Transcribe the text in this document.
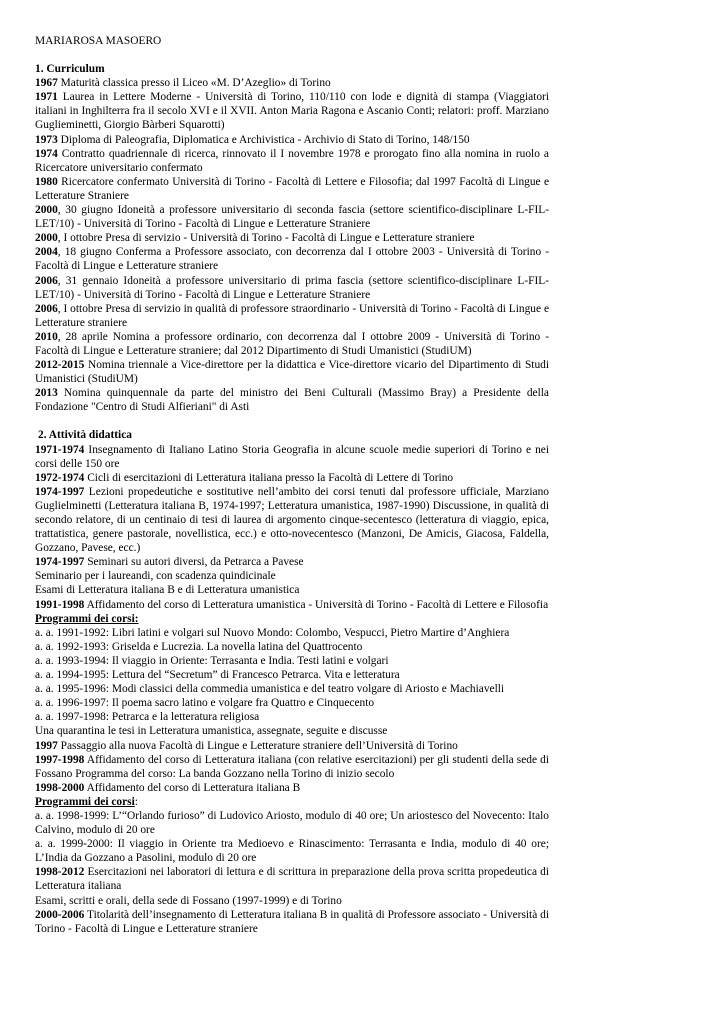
MARIAROSA MASOERO

1. Curriculum

1967 Maturità classica presso il Liceo «M. D’Azeglio» di Torino

1971 Laurea in Lettere Moderne - Università di Torino, 110/110 con lode e dignità di stampa (Viaggiatori italiani in Inghilterra fra il secolo XVI e il XVII. Anton Maria Ragona e Ascanio Conti; relatori: proff. Marziano Guglieminetti, Giorgio Bàrberi Squarotti)

1973 Diploma di Paleografia, Diplomatica e Archivistica - Archivio di Stato di Torino, 148/150

1974 Contratto quadriennale di ricerca, rinnovato il I novembre 1978 e prorogato fino alla nomina in ruolo a Ricercatore universitario confermato

1980 Ricercatore confermato Università di Torino - Facoltà di Lettere e Filosofia; dal 1997 Facoltà di Lingue e Letterature Straniere

2000, 30 giugno Idoneità a professore universitario di seconda fascia (settore scientifico-disciplinare L-FIL-LET/10) - Università di Torino - Facoltà di Lingue e Letterature Straniere

2000, I ottobre Presa di servizio - Università di Torino - Facoltà di Lingue e Letterature straniere

2004, 18 giugno Conferma a Professore associato, con decorrenza dal I ottobre 2003 - Università di Torino - Facoltà di Lingue e Letterature straniere

2006, 31 gennaio Idoneità a professore universitario di prima fascia (settore scientifico-disciplinare L-FIL-LET/10) - Università di Torino - Facoltà di Lingue e Letterature Straniere

2006, I ottobre Presa di servizio in qualità di professore straordinario - Università di Torino - Facoltà di Lingue e Letterature straniere

2010, 28 aprile Nomina a professore ordinario, con decorrenza dal I ottobre 2009 - Università di Torino - Facoltà di Lingue e Letterature straniere; dal 2012 Dipartimento di Studi Umanistici (StudiUM)

2012-2015 Nomina triennale a Vice-direttore per la didattica e Vice-direttore vicario del Dipartimento di Studi Umanistici (StudiUM)

2013 Nomina quinquennale da parte del ministro dei Beni Culturali (Massimo Bray) a Presidente della Fondazione "Centro di Studi Alfieriani" di Asti

2. Attività didattica

1971-1974 Insegnamento di Italiano Latino Storia Geografia in alcune scuole medie superiori di Torino e nei corsi delle 150 ore

1972-1974 Cicli di esercitazioni di Letteratura italiana presso la Facoltà di Lettere di Torino

1974-1997 Lezioni propedeutiche e sostitutive nell’ambito dei corsi tenuti dal professore ufficiale, Marziano Guglielminetti (Letteratura italiana B, 1974-1997; Letteratura umanistica, 1987-1990) Discussione, in qualità di secondo relatore, di un centinaio di tesi di laurea di argomento cinque-secentesco (letteratura di viaggio, epica, trattatistica, genere pastorale, novellistica, ecc.) e otto-novecentesco (Manzoni, De Amicis, Giacosa, Faldella, Gozzano, Pavese, ecc.)

1974-1997 Seminari su autori diversi, da Petrarca a Pavese

Seminario per i laureandi, con scadenza quindicinale

Esami di Letteratura italiana B e di Letteratura umanistica

1991-1998 Affidamento del corso di Letteratura umanistica - Università di Torino - Facoltà di Lettere e Filosofia

Programmi dei corsi:

a. a. 1991-1992: Libri latini e volgari sul Nuovo Mondo: Colombo, Vespucci, Pietro Martire d’Anghiera

a. a. 1992-1993: Griselda e Lucrezia. La novella latina del Quattrocento

a. a. 1993-1994: Il viaggio in Oriente: Terrasanta e India. Testi latini e volgari

a. a. 1994-1995: Lettura del “Secretum” di Francesco Petrarca. Vita e letteratura

a. a. 1995-1996: Modi classici della commedia umanistica e del teatro volgare di Ariosto e Machiavelli

a. a. 1996-1997: Il poema sacro latino e volgare fra Quattro e Cinquecento

a. a. 1997-1998: Petrarca e la letteratura religiosa

Una quarantina le tesi in Letteratura umanistica, assegnate, seguite e discusse

1997 Passaggio alla nuova Facoltà di Lingue e Letterature straniere dell’Università di Torino

1997-1998 Affidamento del corso di Letteratura italiana (con relative esercitazioni) per gli studenti della sede di Fossano Programma del corso: La banda Gozzano nella Torino di inizio secolo

1998-2000 Affidamento del corso di Letteratura italiana B

Programmi dei corsi:

a. a. 1998-1999: L’“Orlando furioso” di Ludovico Ariosto, modulo di 40 ore; Un ariostesco del Novecento: Italo Calvino, modulo di 20 ore

a. a. 1999-2000: Il viaggio in Oriente tra Medioevo e Rinascimento: Terrasanta e India, modulo di 40 ore; L’India da Gozzano a Pasolini, modulo di 20 ore

1998-2012 Esercitazioni nei laboratori di lettura e di scrittura in preparazione della prova scritta propedeutica di Letteratura italiana

Esami, scritti e orali, della sede di Fossano (1997-1999) e di Torino

2000-2006 Titolarità dell’insegnamento di Letteratura italiana B in qualità di Professore associato - Università di Torino - Facoltà di Lingue e Letterature straniere
